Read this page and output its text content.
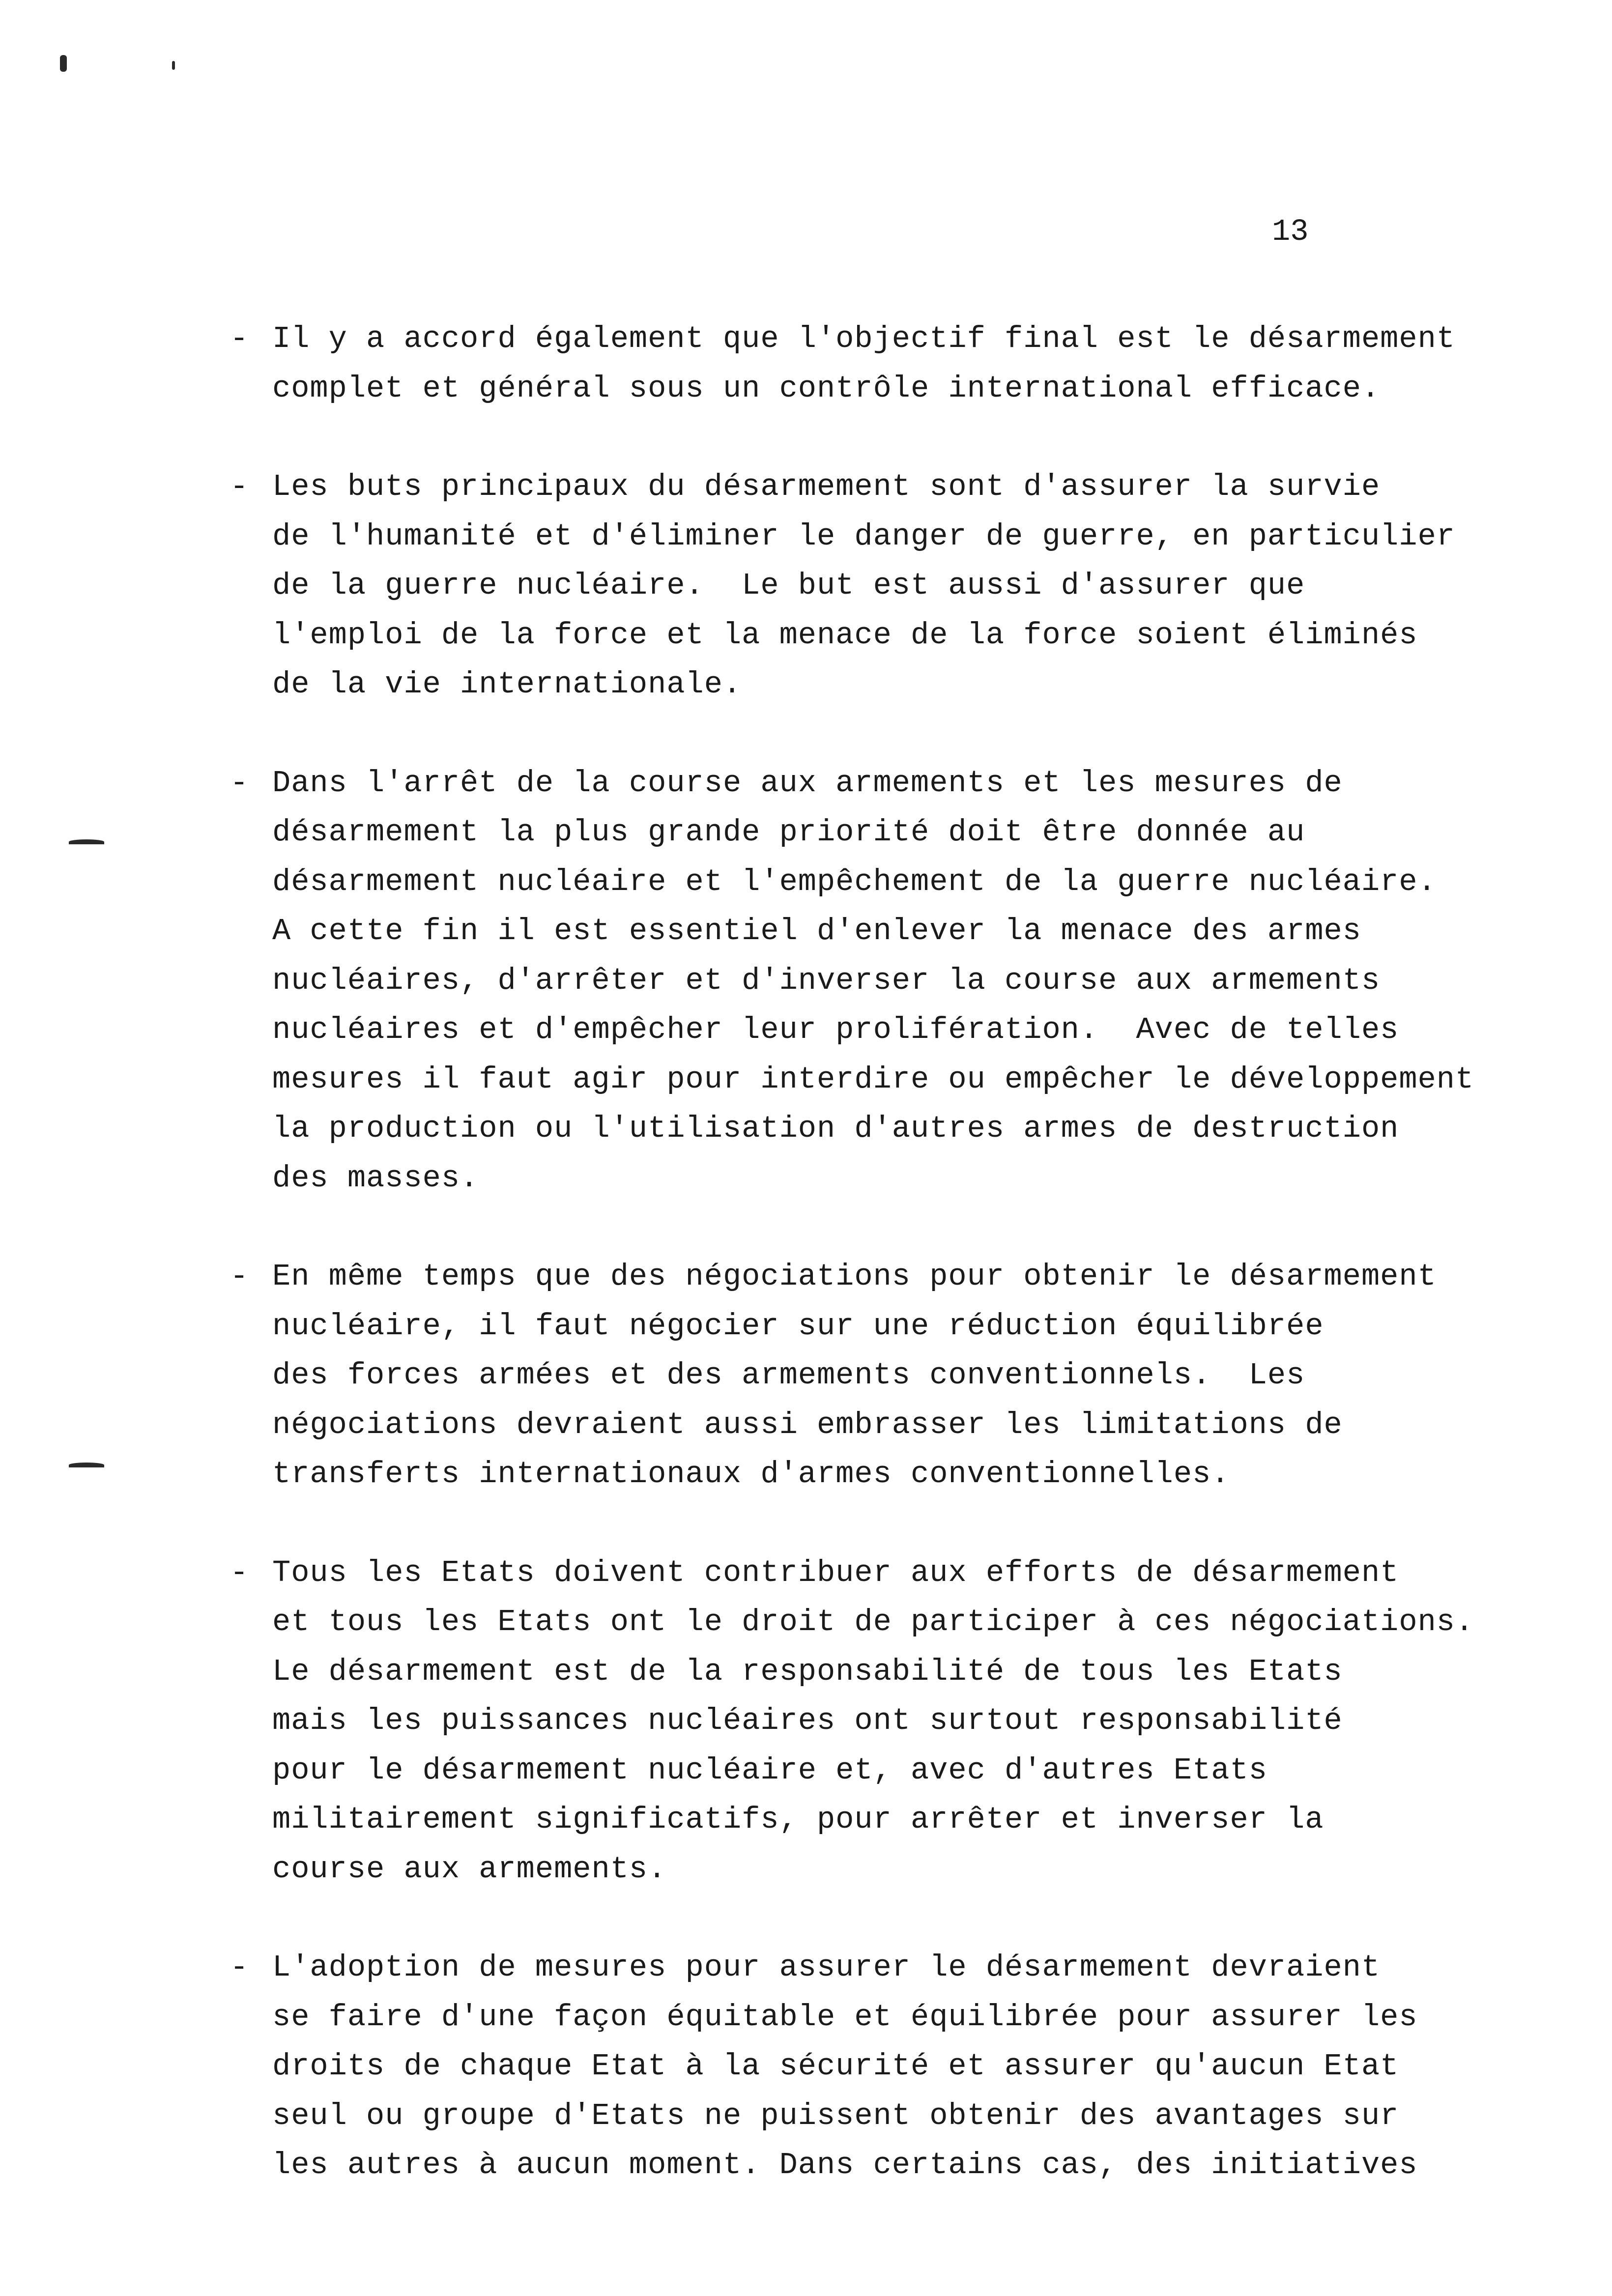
13
- Il y a accord également que l'objectif final est le désarmement
complet et général sous un contrôle international efficace.
- Les buts principaux du désarmement sont d'assurer la survie
de l'humanité et d'éliminer le danger de guerre, en particulier
de la guerre nucléaire.  Le but est aussi d'assurer que
l'emploi de la force et la menace de la force soient éliminés
de la vie internationale.
- Dans l'arrêt de la course aux armements et les mesures de
désarmement la plus grande priorité doit être donnée au
désarmement nucléaire et l'empêchement de la guerre nucléaire.
A cette fin il est essentiel d'enlever la menace des armes
nucléaires, d'arrêter et d'inverser la course aux armements
nucléaires et d'empêcher leur prolifération.  Avec de telles
mesures il faut agir pour interdire ou empêcher le développement
la production ou l'utilisation d'autres armes de destruction
des masses.
- En même temps que des négociations pour obtenir le désarmement
nucléaire, il faut négocier sur une réduction équilibrée
des forces armées et des armements conventionnels.  Les
négociations devraient aussi embrasser les limitations de
transferts internationaux d'armes conventionnelles.
- Tous les Etats doivent contribuer aux efforts de désarmement
et tous les Etats ont le droit de participer à ces négociations.
Le désarmement est de la responsabilité de tous les Etats
mais les puissances nucléaires ont surtout responsabilité
pour le désarmement nucléaire et, avec d'autres Etats
militairement significatifs, pour arrêter et inverser la
course aux armements.
- L'adoption de mesures pour assurer le désarmement devraient
se faire d'une façon équitable et équilibrée pour assurer les
droits de chaque Etat à la sécurité et assurer qu'aucun Etat
seul ou groupe d'Etats ne puissent obtenir des avantages sur
les autres à aucun moment. Dans certains cas, des initiatives
